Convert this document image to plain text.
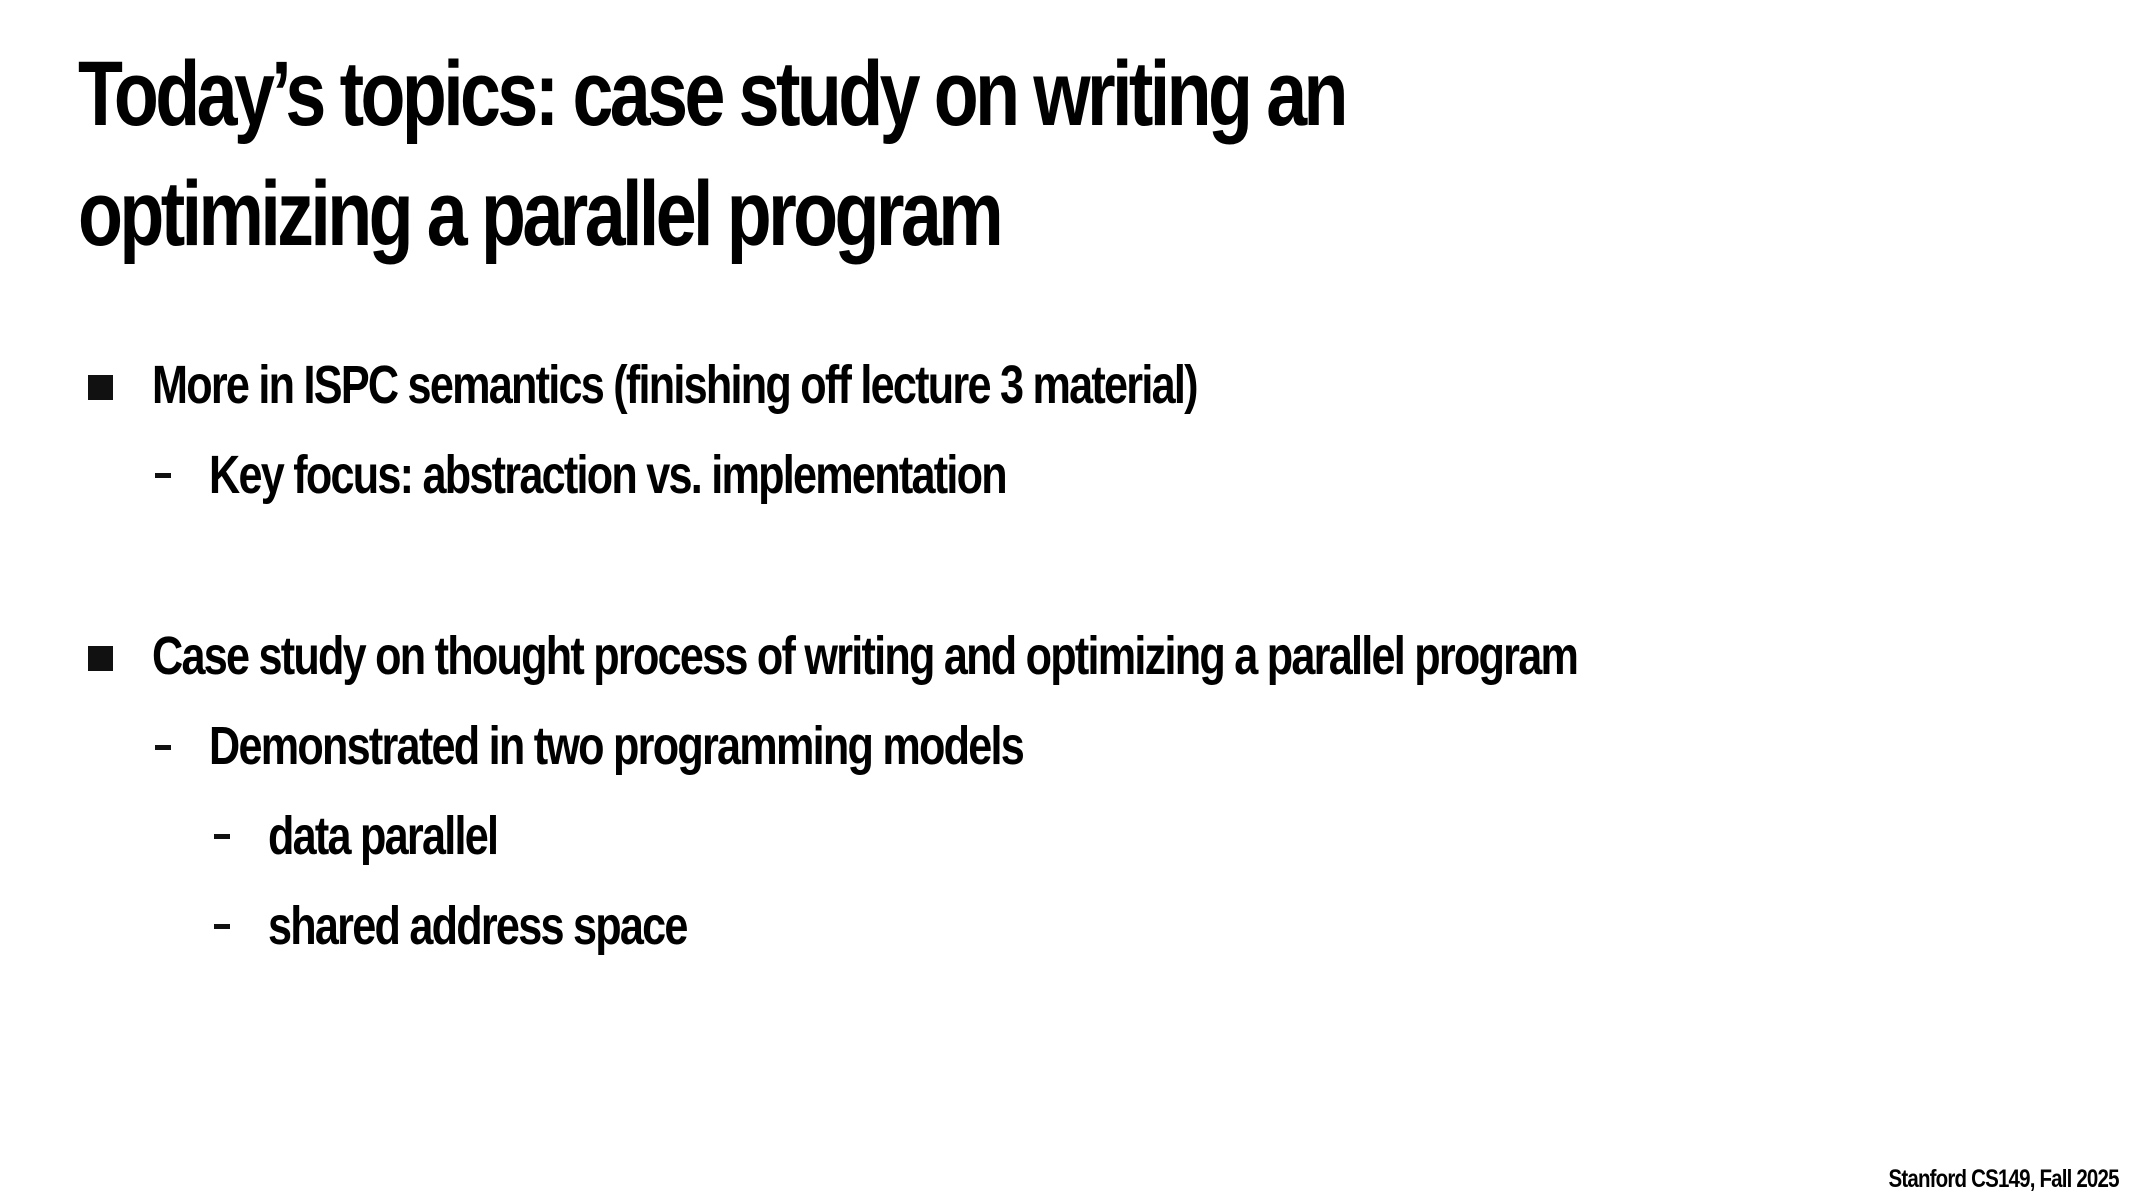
Today’s topics: case study on writing an optimizing a parallel program
More in ISPC semantics (finishing off lecture 3 material)
Key focus: abstraction vs. implementation
Case study on thought process of writing and optimizing a parallel program
Demonstrated in two programming models
data parallel
shared address space
Stanford CS149, Fall 2025
